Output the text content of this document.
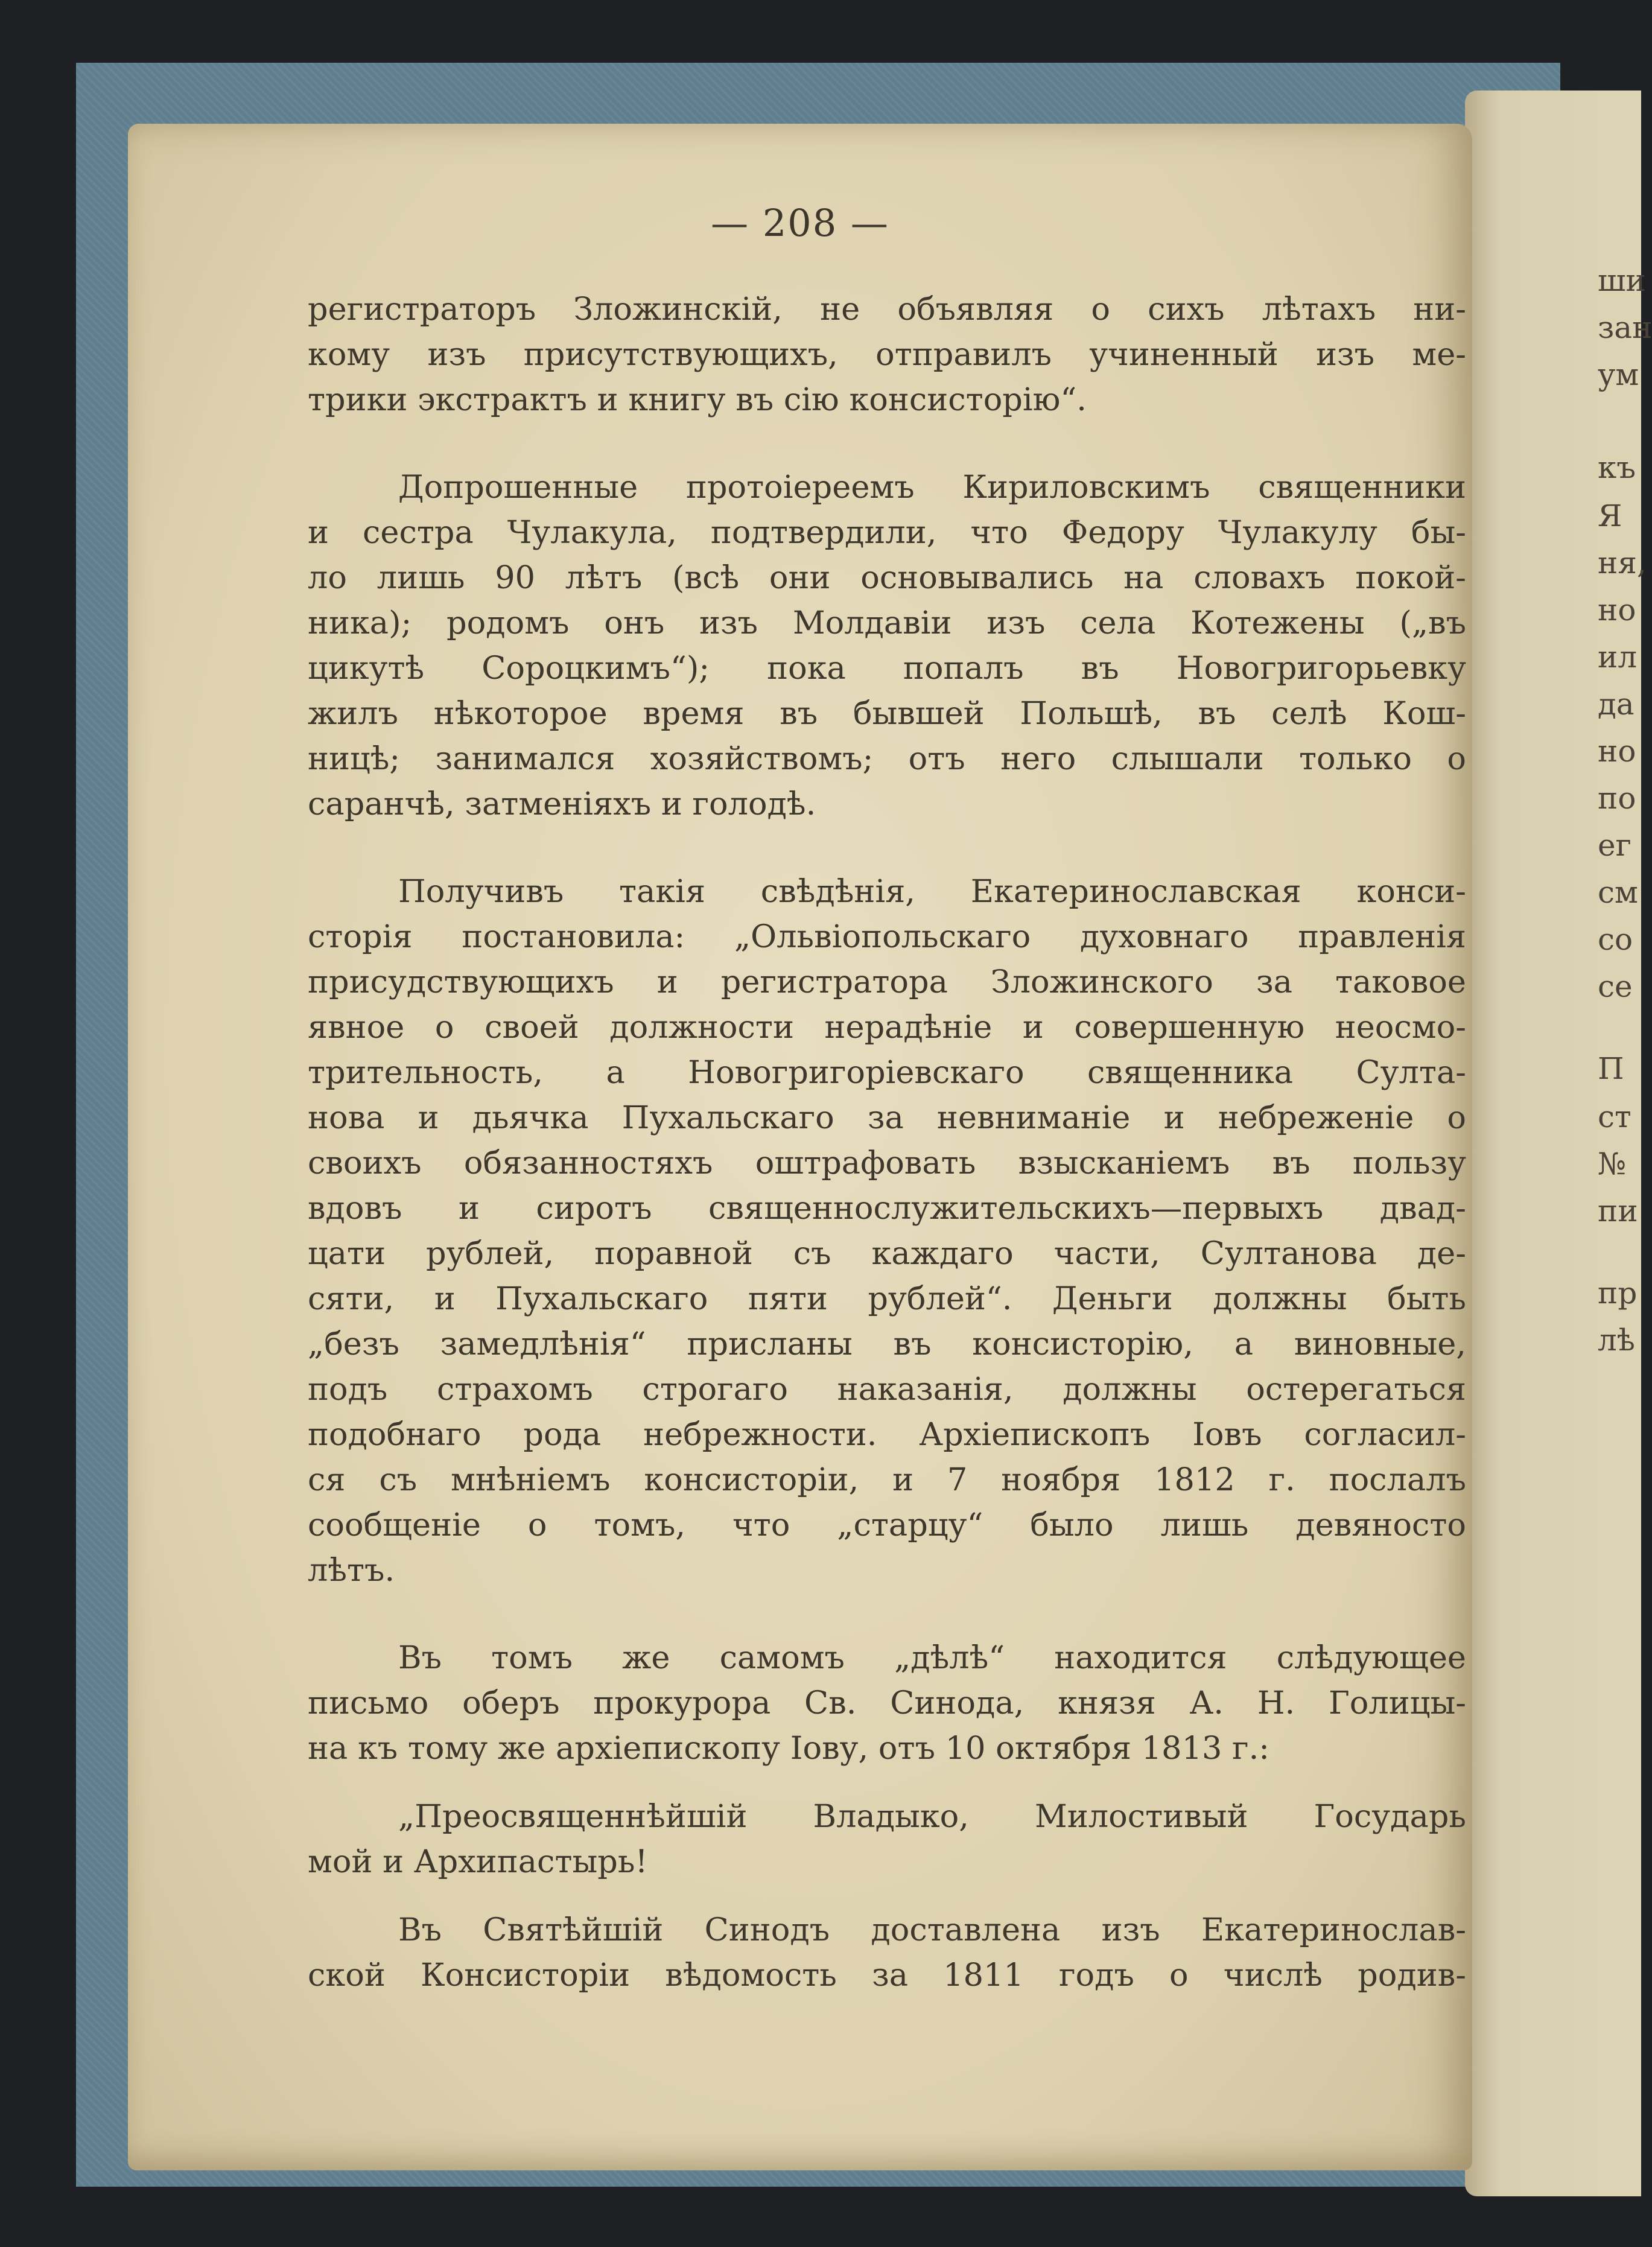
ши
зан
ум
къ
Я
ня,
но
ил
да
но
по
ег
см
со
се
П
ст
№
пи
пр
лѣ
— 208 —
регистраторъ Зложинскій, не объявляя о сихъ лѣтахъ ни-
кому изъ присутствующихъ, отправилъ учиненный изъ ме-
трики экстрактъ и книгу въ сію консисторію“.
Допрошенные протоіереемъ Кириловскимъ священники
и сестра Чулакула, подтвердили, что Федору Чулакулу бы-
ло лишь 90 лѣтъ (всѣ они основывались на словахъ покой-
ника); родомъ онъ изъ Молдавіи изъ села Котежены („въ
цикутѣ Сороцкимъ“); пока попалъ въ Новогригорьевку
жилъ нѣкоторое время въ бывшей Польшѣ, въ селѣ Кош-
ницѣ; занимался хозяйствомъ; отъ него слышали только о
саранчѣ, затменіяхъ и голодѣ.
Получивъ такія свѣдѣнія, Екатеринославская конси-
сторія постановила: „Ольвіопольскаго духовнаго правленія
присудствующихъ и регистратора Зложинского за таковое
явное о своей должности нерадѣніе и совершенную неосмо-
трительность, а Новогригоріевскаго священника Султа-
нова и дьячка Пухальскаго за невниманіе и небреженіе о
своихъ обязанностяхъ оштрафовать взысканіемъ въ пользу
вдовъ и сиротъ священнослужительскихъ—первыхъ двад-
цати рублей, поравной съ каждаго части, Султанова де-
сяти, и Пухальскаго пяти рублей“. Деньги должны быть
„безъ замедлѣнія“ присланы въ консисторію, а виновные,
подъ страхомъ строгаго наказанія, должны остерегаться
подобнаго рода небрежности. Архіепископъ Іовъ согласил-
ся съ мнѣніемъ консисторіи, и 7 ноября 1812 г. послалъ
сообщеніе о томъ, что „старцу“ было лишь девяносто
лѣтъ.
Въ томъ же самомъ „дѣлѣ“ находится слѣдующее
письмо оберъ прокурора Св. Синода, князя А. Н. Голицы-
на къ тому же архіепископу Іову, отъ 10 октября 1813 г.:
„Преосвященнѣйшій Владыко, Милостивый Государь
мой и Архипастырь!
Въ Святѣйшій Синодъ доставлена изъ Екатеринослав-
ской Консисторіи вѣдомость за 1811 годъ о числѣ родив-
